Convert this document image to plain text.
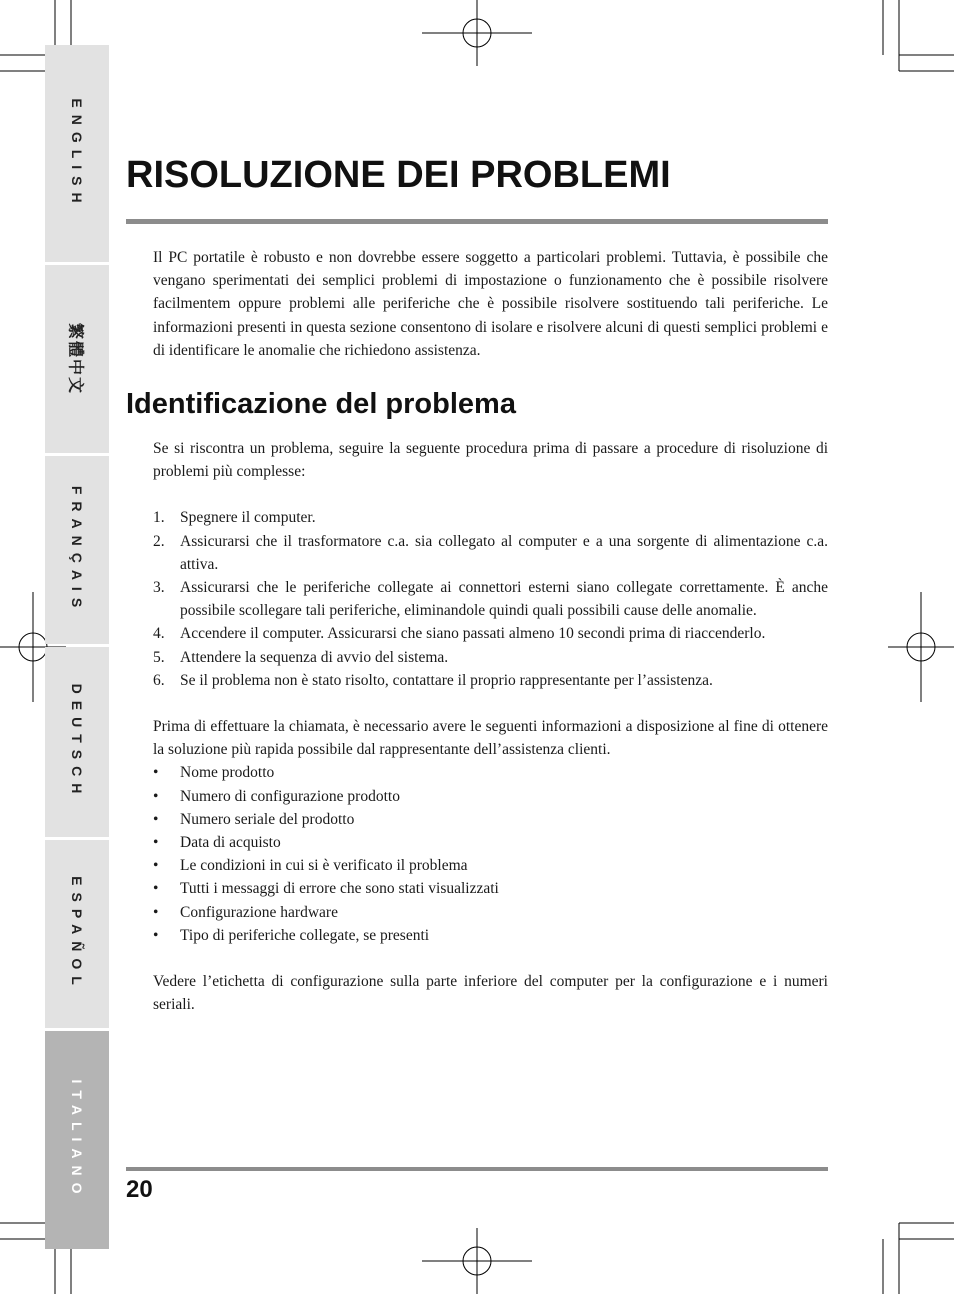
ENGLISH
繁體中文
FRANÇAIS
DEUTSCH
ESPAÑOL
ITALIANO
RISOLUZIONE DEI PROBLEMI

Il PC portatile è robusto e non dovrebbe essere soggetto a particolari problemi. Tuttavia, è possibile che vengano sperimentati dei semplici problemi di impostazione o funzionamento che è possibile risolvere facilmentem oppure problemi alle periferiche che è possibile risolvere sostituendo tali periferiche. Le informazioni presenti in questa sezione consentono di isolare e risolvere alcuni di questi semplici problemi e di identificare le anomalie che richiedono assistenza.

Identificazione del problema

Se si riscontra un problema, seguire la seguente procedura prima di passare a procedure di risoluzione di problemi più complesse:

1. Spegnere il computer.
2. Assicurarsi che il trasformatore c.a. sia collegato al computer e a una sorgente di alimentazione c.a. attiva.
3. Assicurarsi che le periferiche collegate ai connettori esterni siano collegate correttamente. È anche possibile scollegare tali periferiche, eliminandole quindi quali possibili cause delle anomalie.
4. Accendere il computer. Assicurarsi che siano passati almeno 10 secondi prima di riaccenderlo.
5. Attendere la sequenza di avvio del sistema.
6. Se il problema non è stato risolto, contattare il proprio rappresentante per l’assistenza.

Prima di effettuare la chiamata, è necessario avere le seguenti informazioni a disposizione al fine di ottenere la soluzione più rapida possibile dal rappresentante dell’assistenza clienti.

• Nome prodotto
• Numero di configurazione prodotto
• Numero seriale del prodotto
• Data di acquisto
• Le condizioni in cui si è verificato il problema
• Tutti i messaggi di errore che sono stati visualizzati
• Configurazione hardware
• Tipo di periferiche collegate, se presenti

Vedere l’etichetta di configurazione sulla parte inferiore del computer per la configurazione e i numeri seriali.

20
